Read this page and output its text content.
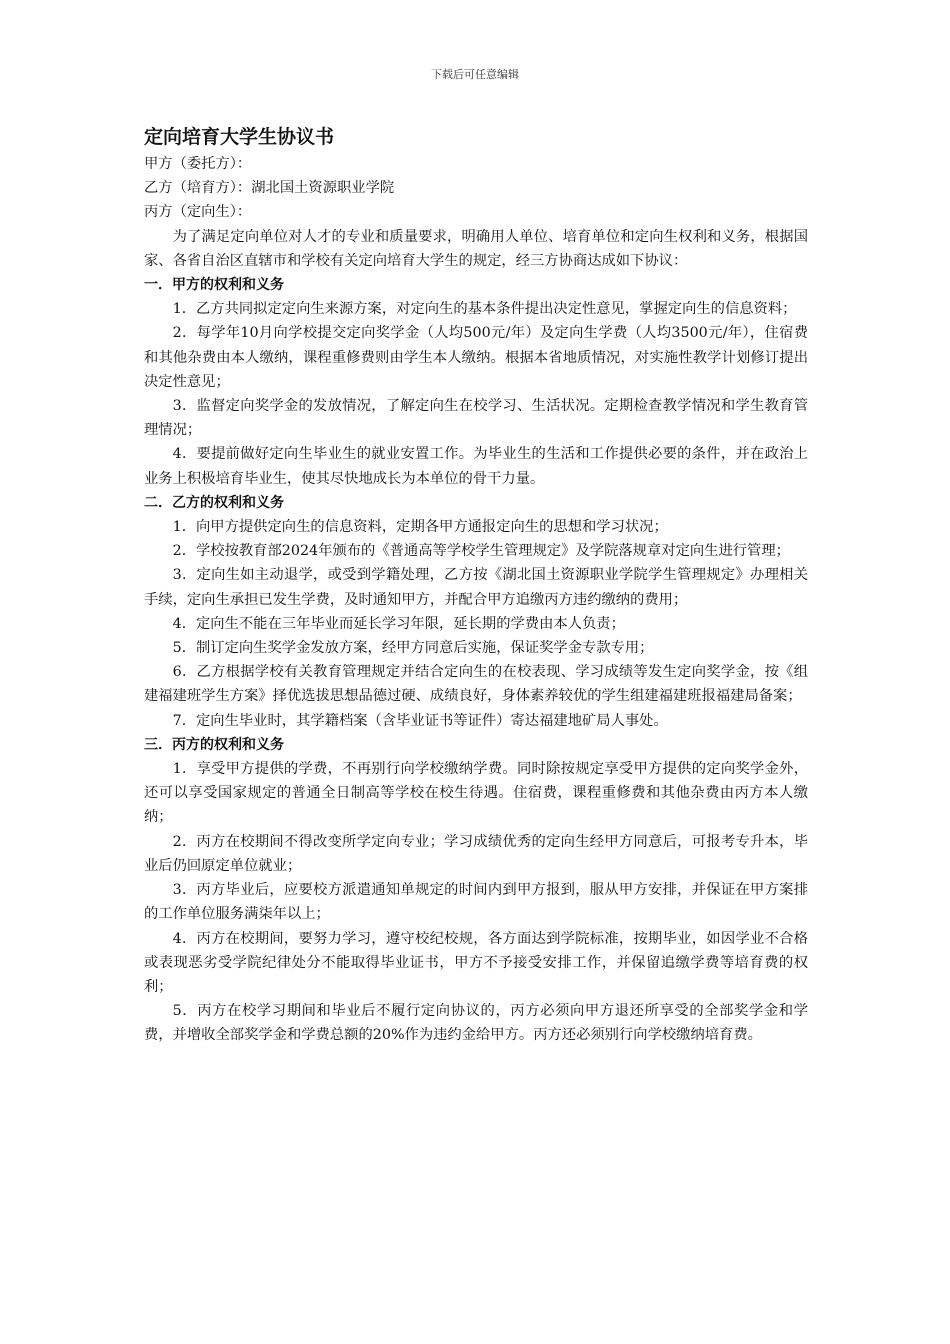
下载后可任意编辑
定向培育大学生协议书

甲方（委托方）：

乙方（培育方）：湖北国土资源职业学院

丙方（定向生）：

为了满足定向单位对人才的专业和质量要求，明确用人单位、培育单位和定向生权利和义务，根据国家、各省自治区直辖市和学校有关定向培育大学生的规定，经三方协商达成如下协议：

一．甲方的权利和义务

1．乙方共同拟定定向生来源方案，对定向生的基本条件提出决定性意见，掌握定向生的信息资料；

2．每学年10月向学校提交定向奖学金（人均500元/年）及定向生学费（人均3500元/年），住宿费和其他杂费由本人缴纳，课程重修费则由学生本人缴纳。根据本省地质情况，对实施性教学计划修订提出决定性意见；

3．监督定向奖学金的发放情况，了解定向生在校学习、生活状况。定期检查教学情况和学生教育管理情况；

4．要提前做好定向生毕业生的就业安置工作。为毕业生的生活和工作提供必要的条件，并在政治上业务上积极培育毕业生，使其尽快地成长为本单位的骨干力量。

二．乙方的权利和义务

1．向甲方提供定向生的信息资料，定期各甲方通报定向生的思想和学习状况；

2．学校按教育部2024年颁布的《普通高等学校学生管理规定》及学院落规章对定向生进行管理；

3．定向生如主动退学，或受到学籍处理，乙方按《湖北国土资源职业学院学生管理规定》办理相关手续，定向生承担已发生学费，及时通知甲方，并配合甲方追缴丙方违约缴纳的费用；

4．定向生不能在三年毕业而延长学习年限，延长期的学费由本人负责；

5．制订定向生奖学金发放方案，经甲方同意后实施，保证奖学金专款专用；

6．乙方根据学校有关教育管理规定并结合定向生的在校表现、学习成绩等发生定向奖学金，按《组建福建班学生方案》择优选拔思想品德过硬、成绩良好，身体素养较优的学生组建福建班报福建局备案；

7．定向生毕业时，其学籍档案（含毕业证书等证件）寄达福建地矿局人事处。

三．丙方的权利和义务

1．享受甲方提供的学费，不再别行向学校缴纳学费。同时除按规定享受甲方提供的定向奖学金外，还可以享受国家规定的普通全日制高等学校在校生待遇。住宿费，课程重修费和其他杂费由丙方本人缴纳；

2．丙方在校期间不得改变所学定向专业；学习成绩优秀的定向生经甲方同意后，可报考专升本，毕业后仍回原定单位就业；

3．丙方毕业后，应要校方派遣通知单规定的时间内到甲方报到，服从甲方安排，并保证在甲方案排的工作单位服务满柒年以上；

4．丙方在校期间，要努力学习，遵守校纪校规，各方面达到学院标准，按期毕业，如因学业不合格或表现恶劣受学院纪律处分不能取得毕业证书，甲方不予接受安排工作，并保留追缴学费等培育费的权利；

5．丙方在校学习期间和毕业后不履行定向协议的，丙方必须向甲方退还所享受的全部奖学金和学费，并增收全部奖学金和学费总额的20%作为违约金给甲方。丙方还必须别行向学校缴纳培育费。
